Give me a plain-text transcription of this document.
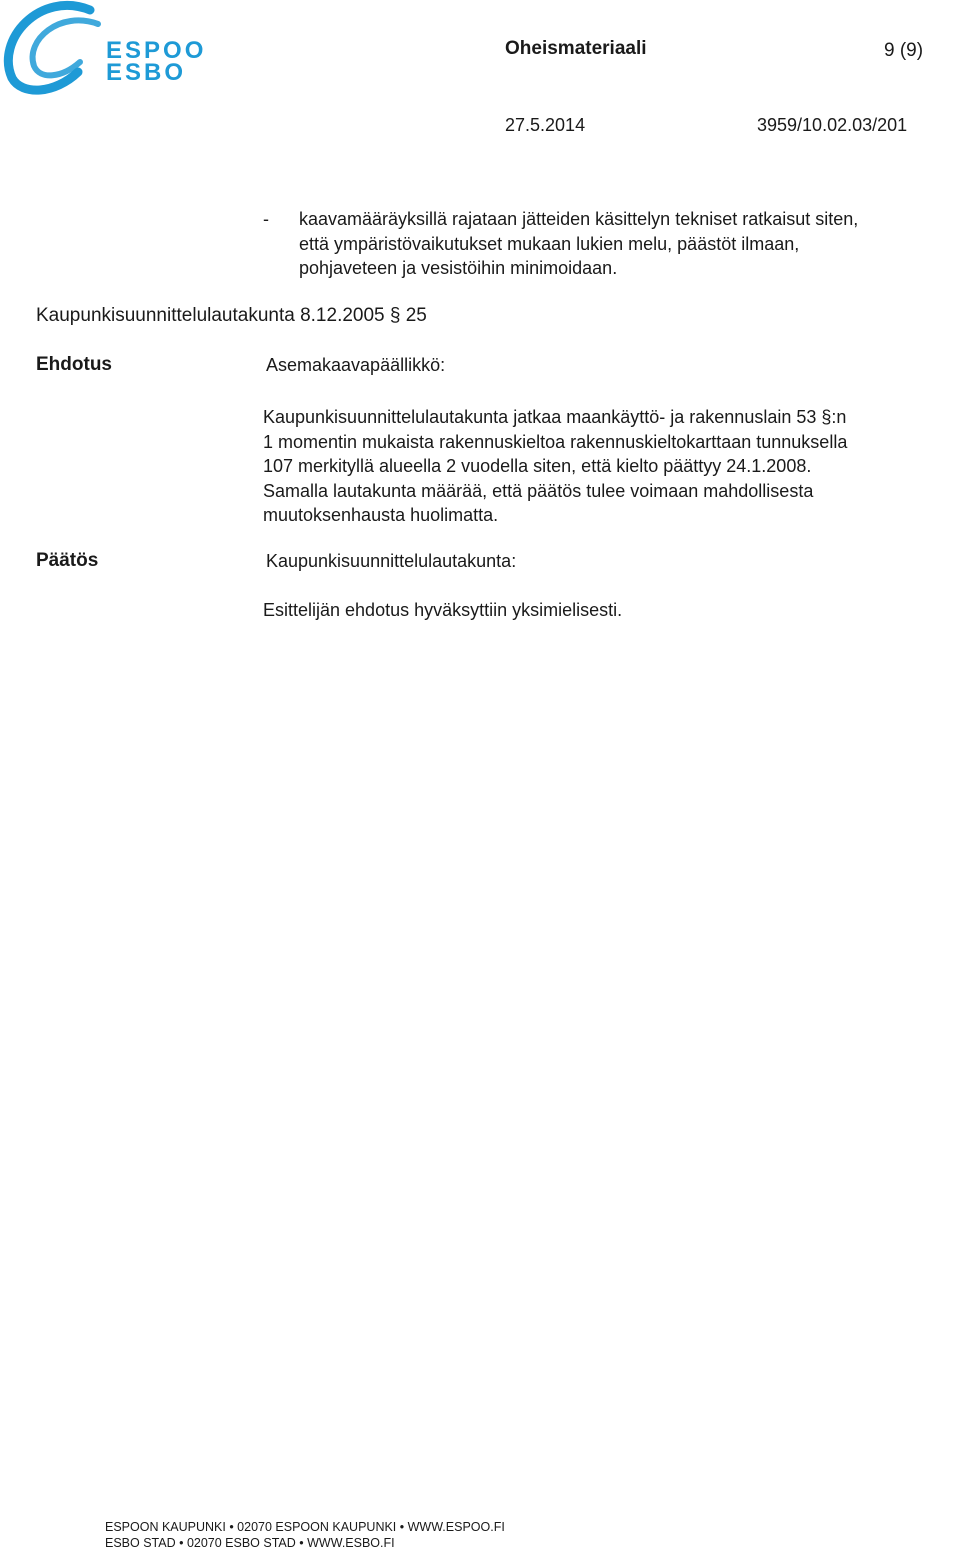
ESPOO
ESBO
Oheismateriaali	9 (9)
27.5.2014	3959/10.02.03/201
- kaavamääräyksillä rajataan jätteiden käsittelyn tekniset ratkaisut siten,
että ympäristövaikutukset mukaan lukien melu, päästöt ilmaan,
pohjaveteen ja vesistöihin minimoidaan.
Kaupunkisuunnittelulautakunta 8.12.2005 § 25
Ehdotus	Asemakaavapäällikkö:
Kaupunkisuunnittelulautakunta jatkaa maankäyttö- ja rakennuslain 53 §:n
1 momentin mukaista rakennuskieltoa rakennuskieltokarttaan tunnuksella
107 merkityllä alueella 2 vuodella siten, että kielto päättyy 24.1.2008.
Samalla lautakunta määrää, että päätös tulee voimaan mahdollisesta
muutoksenhausta huolimatta.
Päätös	Kaupunkisuunnittelulautakunta:
Esittelijän ehdotus hyväksyttiin yksimielisesti.
ESPOON KAUPUNKI • 02070 ESPOON KAUPUNKI • WWW.ESPOO.FI
ESBO STAD • 02070 ESBO STAD • WWW.ESBO.FI
